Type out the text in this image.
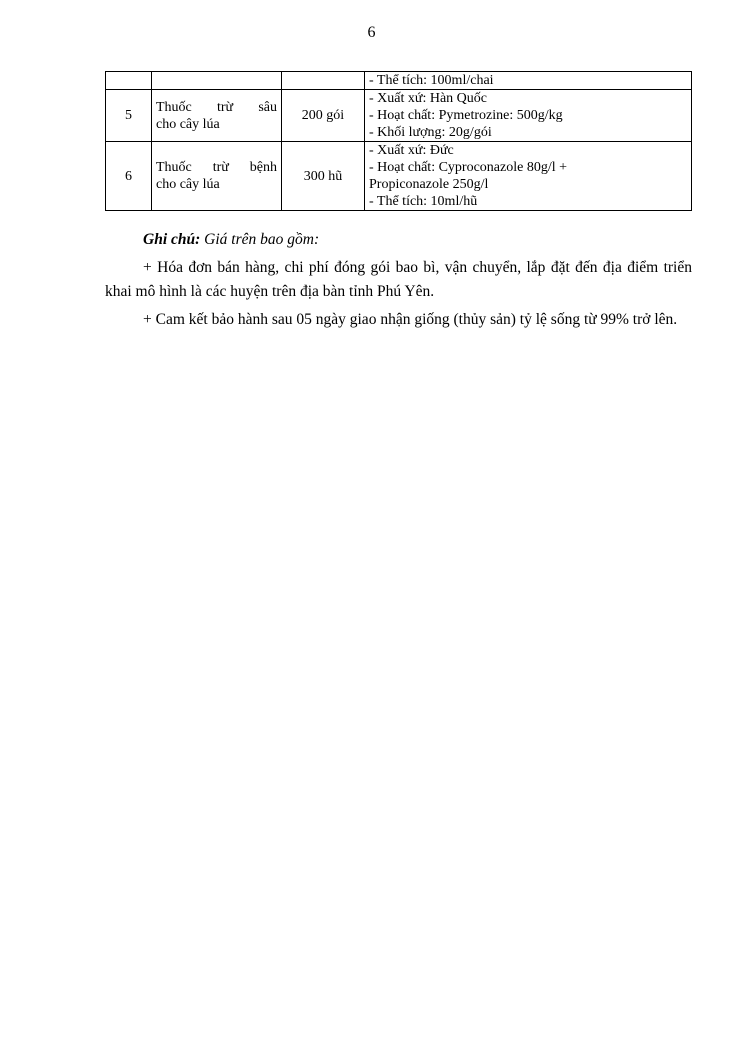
6

			- Thể tích: 100ml/chai

5	Thuốc trừ sâu
cho cây lúa	200 gói	- Xuất xứ: Hàn Quốc
- Hoạt chất: Pymetrozine: 500g/kg
- Khối lượng: 20g/gói

6	Thuốc trừ bệnh
cho cây lúa	300 hũ	- Xuất xứ: Đức
- Hoạt chất: Cyproconazole 80g/l +
Propiconazole 250g/l
- Thể tích: 10ml/hũ

Ghi chú: Giá trên bao gồm:

+ Hóa đơn bán hàng, chi phí đóng gói bao bì, vận chuyển, lắp đặt đến địa điểm triển khai mô hình là các huyện trên địa bàn tỉnh Phú Yên.

+ Cam kết bảo hành sau 05 ngày giao nhận giống (thủy sản) tỷ lệ sống từ 99% trở lên.
